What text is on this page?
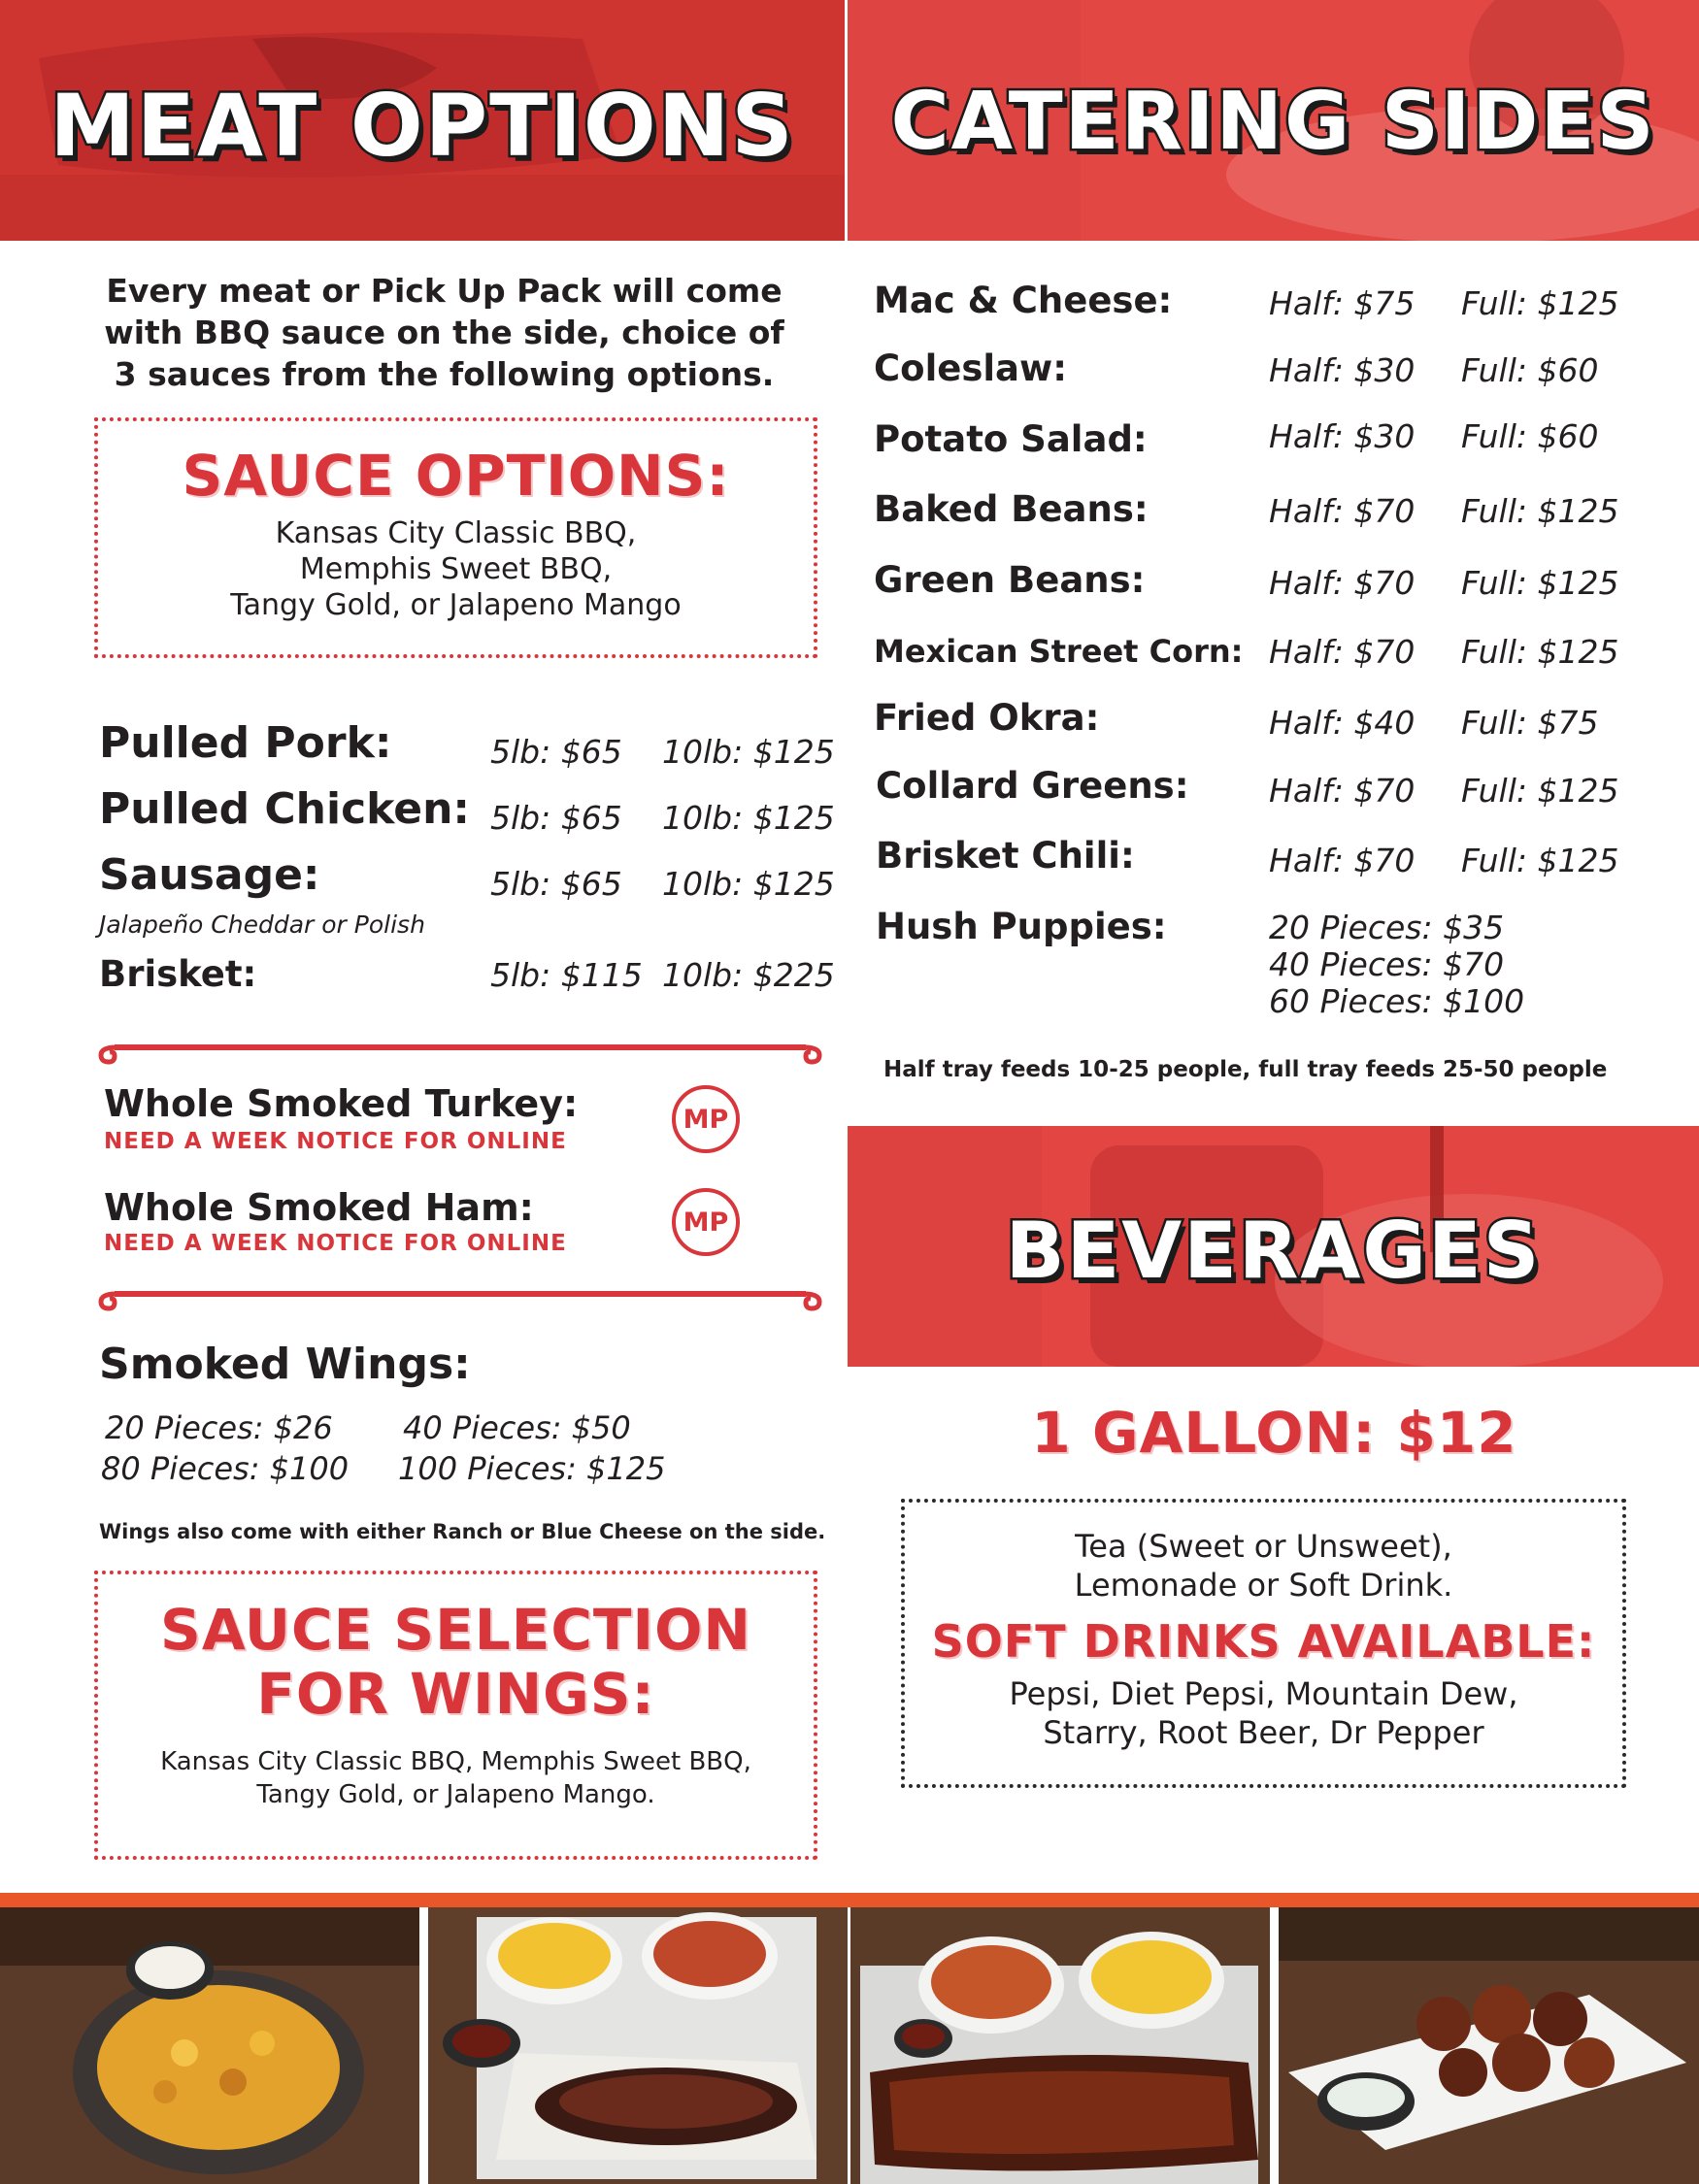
MEAT OPTIONS	CATERING SIDES
Every meat or Pick Up Pack will come with BBQ sauce on the side, choice of 3 sauces from the following options.
SAUCE OPTIONS:
Kansas City Classic BBQ,
Memphis Sweet BBQ,
Tangy Gold, or Jalapeno Mango
Pulled Pork:	5lb: $65 10lb: $125
Pulled Chicken: 5lb: $65 10lb: $125
Sausage:	5lb: $65 10lb: $125
Jalapeño Cheddar or Polish
Brisket:	5lb: $115 10lb: $225
Whole Smoked Turkey:
NEED A WEEK NOTICE FOR ONLINE
MP
Whole Smoked Ham:
NEED A WEEK NOTICE FOR ONLINE
MP
Smoked Wings:
20 Pieces: $26 40 Pieces: $50
80 Pieces: $100 100 Pieces: $125
Wings also come with either Ranch or Blue Cheese on the side.
SAUCE SELECTION
FOR WINGS:
Kansas City Classic BBQ, Memphis Sweet BBQ,
Tangy Gold, or Jalapeno Mango.
Mac & Cheese:	Half: $75 Full: $125
Coleslaw:	Half: $30 Full: $60
Potato Salad:	Half: $30 Full: $60
Baked Beans:	Half: $70 Full: $125
Green Beans:	Half: $70 Full: $125
Mexican Street Corn: Half: $70 Full: $125
Fried Okra:	Half: $40 Full: $75
Collard Greens:	Half: $70 Full: $125
Brisket Chili:	Half: $70 Full: $125
Hush Puppies:	20 Pieces: $35
40 Pieces: $70
60 Pieces: $100
Half tray feeds 10-25 people, full tray feeds 25-50 people
BEVERAGES
1 GALLON: $12
Tea (Sweet or Unsweet),
Lemonade or Soft Drink.
SOFT DRINKS AVAILABLE:
Pepsi, Diet Pepsi, Mountain Dew,
Starry, Root Beer, Dr Pepper
